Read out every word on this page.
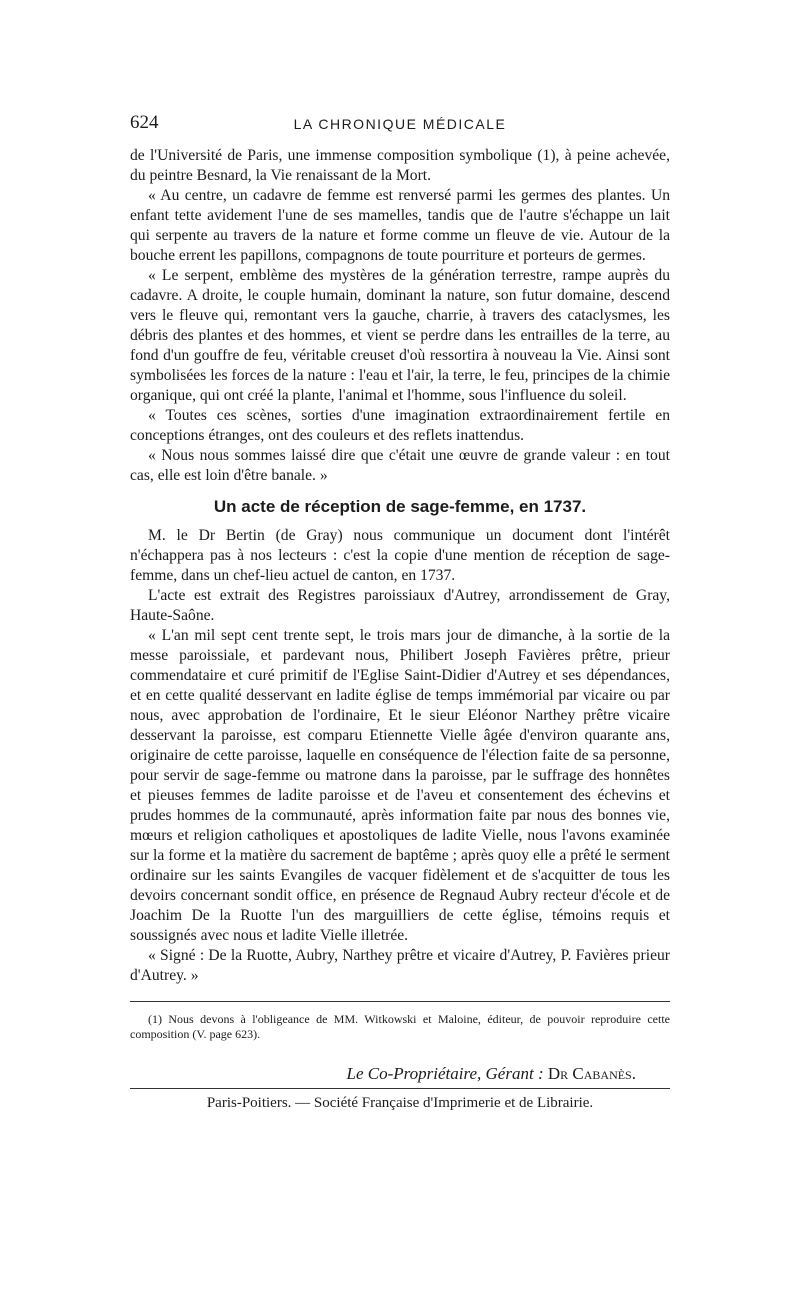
624	LA CHRONIQUE MÉDICALE

de l'Université de Paris, une immense composition symbolique (1), à peine achevée, du peintre Besnard, la Vie renaissant de la Mort.

« Au centre, un cadavre de femme est renversé parmi les germes des plantes. Un enfant tette avidement l'une de ses mamelles, tandis que de l'autre s'échappe un lait qui serpente au travers de la nature et forme comme un fleuve de vie. Autour de la bouche errent les papillons, compagnons de toute pourriture et porteurs de germes.

« Le serpent, emblème des mystères de la génération terrestre, rampe auprès du cadavre. A droite, le couple humain, dominant la nature, son futur domaine, descend vers le fleuve qui, remontant vers la gauche, charrie, à travers des cataclysmes, les débris des plantes et des hommes, et vient se perdre dans les entrailles de la terre, au fond d'un gouffre de feu, véritable creuset d'où ressortira à nouveau la Vie. Ainsi sont symbolisées les forces de la nature : l'eau et l'air, la terre, le feu, principes de la chimie organique, qui ont créé la plante, l'animal et l'homme, sous l'influence du soleil.

« Toutes ces scènes, sorties d'une imagination extraordinairement fertile en conceptions étranges, ont des couleurs et des reflets inattendus.

« Nous nous sommes laissé dire que c'était une œuvre de grande valeur : en tout cas, elle est loin d'être banale. »

Un acte de réception de sage-femme, en 1737.

M. le Dr Bertin (de Gray) nous communique un document dont l'intérêt n'échappera pas à nos lecteurs : c'est la copie d'une mention de réception de sage-femme, dans un chef-lieu actuel de canton, en 1737.

L'acte est extrait des Registres paroissiaux d'Autrey, arrondissement de Gray, Haute-Saône.

« L'an mil sept cent trente sept, le trois mars jour de dimanche, à la sortie de la messe paroissiale, et pardevant nous, Philibert Joseph Favières prêtre, prieur commendataire et curé primitif de l'Eglise Saint-Didier d'Autrey et ses dépendances, et en cette qualité desservant en ladite église de temps immémorial par vicaire ou par nous, avec approbation de l'ordinaire, Et le sieur Eléonor Narthey prêtre vicaire desservant la paroisse, est comparu Etiennette Vielle âgée d'environ quarante ans, originaire de cette paroisse, laquelle en conséquence de l'élection faite de sa personne, pour servir de sage-femme ou matrone dans la paroisse, par le suffrage des honnêtes et pieuses femmes de ladite paroisse et de l'aveu et consentement des échevins et prudes hommes de la communauté, après information faite par nous des bonnes vie, mœurs et religion catholiques et apostoliques de ladite Vielle, nous l'avons examinée sur la forme et la matière du sacrement de baptême ; après quoy elle a prêté le serment ordinaire sur les saints Evangiles de vacquer fidèlement et de s'acquitter de tous les devoirs concernant sondit office, en présence de Regnaud Aubry recteur d'école et de Joachim De la Ruotte l'un des marguilliers de cette église, témoins requis et soussignés avec nous et ladite Vielle illetrée.

« Signé : De la Ruotte, Aubry, Narthey prêtre et vicaire d'Autrey, P. Favières prieur d'Autrey. »

(1) Nous devons à l'obligeance de MM. Witkowski et Maloine, éditeur, de pouvoir reproduire cette composition (V. page 623).
Le Co-Propriétaire, Gérant : Dr Cabanès.
Paris-Poitiers. — Société Française d'Imprimerie et de Librairie.
